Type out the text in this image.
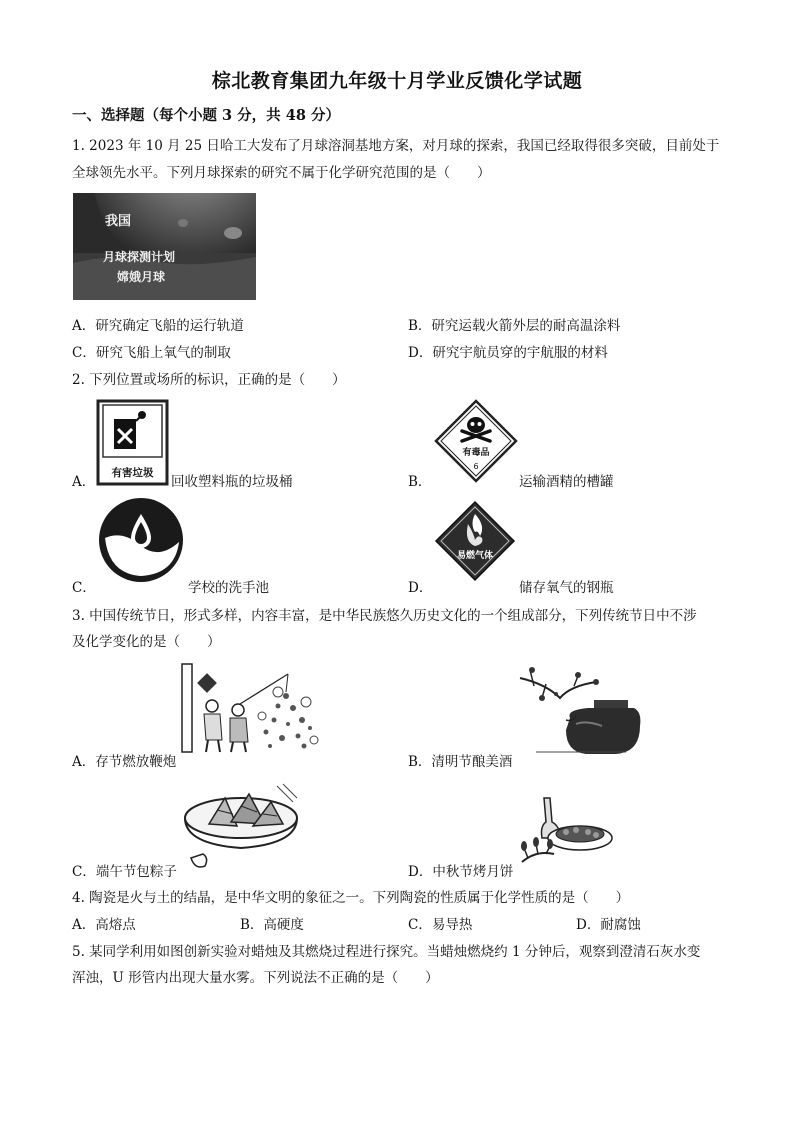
棕北教育集团九年级十月学业反馈化学试题
一、选择题（每个小题 3 分，共 48 分）
1. 2023 年 10 月 25 日哈工大发布了月球溶洞基地方案，对月球的探索，我国已经取得很多突破，目前处于
全球领先水平。下列月球探索的研究不属于化学研究范围的是（　　）
我国
月球探测计划
嫦娥月球
A．研究确定飞船的运行轨道	B．研究运载火箭外层的耐高温涂料
C．研究飞船上氧气的制取	D．研究宇航员穿的宇航服的材料
2. 下列位置或场所的标识，正确的是（　　）
A．
有害垃圾
回收塑料瓶的垃圾桶	B．
有毒品
6
运输酒精的槽罐
C．	学校的洗手池	D．
易燃气体
储存氧气的钢瓶
3. 中国传统节日，形式多样，内容丰富，是中华民族悠久历史文化的一个组成部分，下列传统节日中不涉
及化学变化的是（　　）
A．存节燃放鞭炮	B．清明节酿美酒
C．端午节包粽子	D．中秋节烤月饼
4. 陶瓷是火与土的结晶，是中华文明的象征之一。下列陶瓷的性质属于化学性质的是（　　）
A．高熔点	B．高硬度	C．易导热	D．耐腐蚀
5. 某同学利用如图创新实验对蜡烛及其燃烧过程进行探究。当蜡烛燃烧约 1 分钟后，观察到澄清石灰水变
浑浊，U 形管内出现大量水雾。下列说法不正确的是（　　）
